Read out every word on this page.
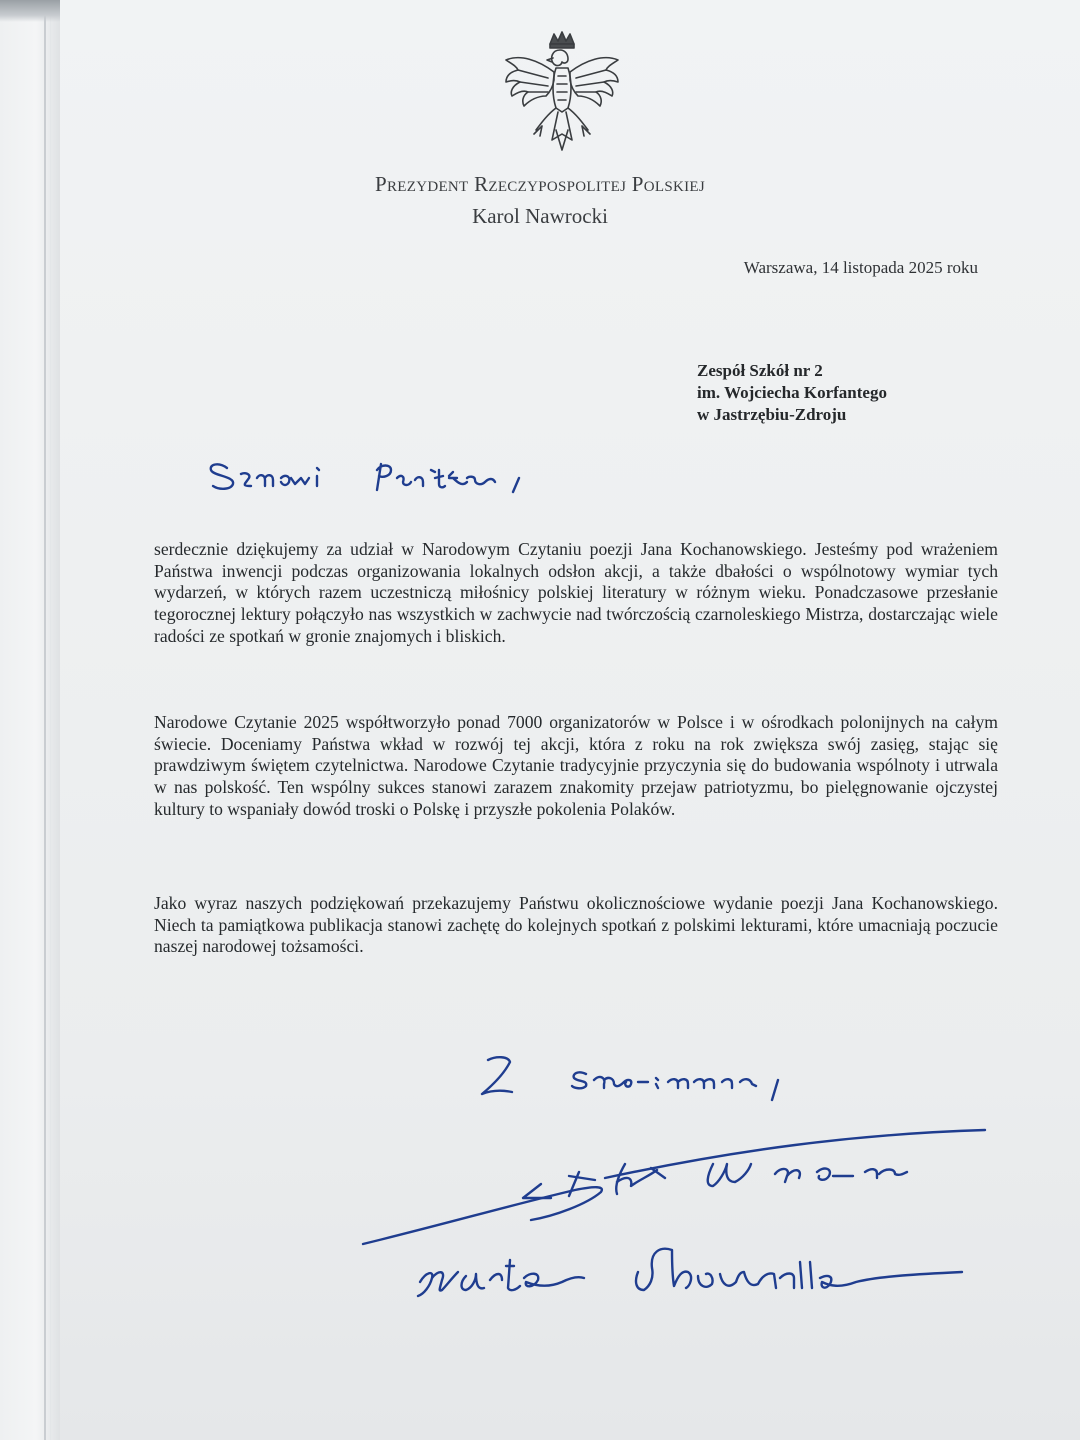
Prezydent Rzeczypospolitej Polskiej
Karol Nawrocki
Warszawa, 14 listopada 2025 roku
Zespół Szkół nr 2
im. Wojciecha Korfantego
w Jastrzębiu-Zdroju

serdecznie dziękujemy za udział w Narodowym Czytaniu poezji Jana Kochanowskiego. Jesteśmy pod wrażeniem Państwa inwencji podczas organizowania lokalnych odsłon akcji, a także dbałości o wspólnotowy wymiar tych wydarzeń, w których razem uczestniczą miłośnicy polskiej literatury w różnym wieku. Ponadczasowe przesłanie tegorocznej lektury połączyło nas wszystkich w zachwycie nad twórczością czarnoleskiego Mistrza, dostarczając wiele radości ze spotkań w gronie znajomych i bliskich.

Narodowe Czytanie 2025 współtworzyło ponad 7000 organizatorów w Polsce i w ośrodkach polonijnych na całym świecie. Doceniamy Państwa wkład w rozwój tej akcji, która z roku na rok zwiększa swój zasięg, stając się prawdziwym świętem czytelnictwa. Narodowe Czytanie tradycyjnie przyczynia się do budowania wspólnoty i utrwala w nas polskość. Ten wspólny sukces stanowi zarazem znakomity przejaw patriotyzmu, bo pielęgnowanie ojczystej kultury to wspaniały dowód troski o Polskę i przyszłe pokolenia Polaków.

Jako wyraz naszych podziękowań przekazujemy Państwu okolicznościowe wydanie poezji Jana Kochanowskiego. Niech ta pamiątkowa publikacja stanowi zachętę do kolejnych spotkań z polskimi lekturami, które umacniają poczucie naszej narodowej tożsamości.
